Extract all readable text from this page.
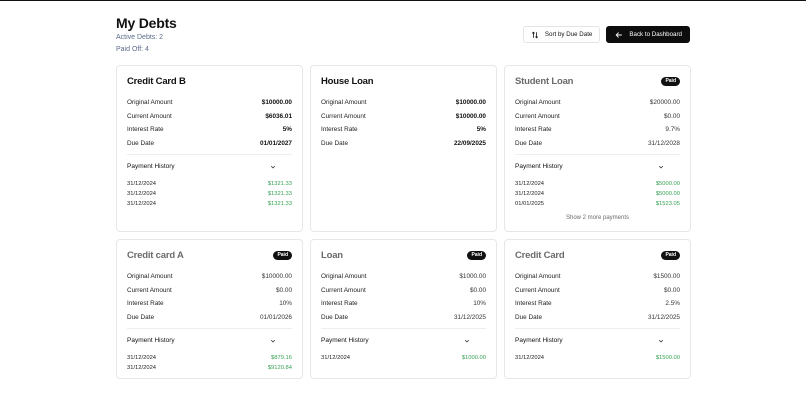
My Debts
Active Debts: 2
Paid Off: 4
Sort by Due Date	Back to Dashboard
Credit Card B
Original Amount	$10000.00
Current Amount	$6036.01
Interest Rate	5%
Due Date	01/01/2027
Payment History
31/12/2024	$1321.33
31/12/2024	$1321.33
31/12/2024	$1321.33
House Loan
Original Amount	$10000.00
Current Amount	$10000.00
Interest Rate	5%
Due Date	22/09/2025
Student Loan	Paid
Original Amount	$20000.00
Current Amount	$0.00
Interest Rate	9.7%
Due Date	31/12/2028
Payment History
31/12/2024	$5000.00
31/12/2024	$5000.00
01/01/2025	$1523.05
Show 2 more payments
Credit card A	Paid
Original Amount	$10000.00
Current Amount	$0.00
Interest Rate	10%
Due Date	01/01/2026
Payment History
31/12/2024	$879.16
31/12/2024	$9120.84
Loan	Paid
Original Amount	$1000.00
Current Amount	$0.00
Interest Rate	10%
Due Date	31/12/2025
Payment History
31/12/2024	$1000.00
Credit Card	Paid
Original Amount	$1500.00
Current Amount	$0.00
Interest Rate	2.5%
Due Date	31/12/2025
Payment History
31/12/2024	$1500.00
